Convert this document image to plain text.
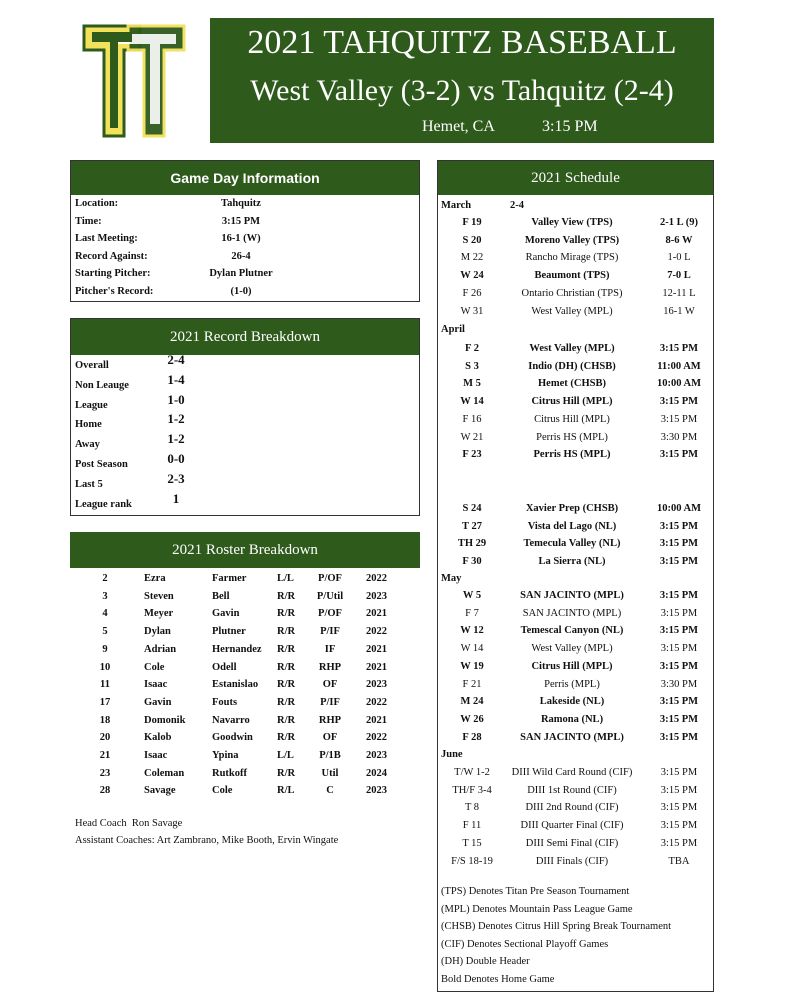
2021 TAHQUITZ BASEBALL
West Valley (3-2) vs Tahquitz (2-4)
Hemet, CA	3:15 PM
Game Day Information
Location:	Tahquitz
Time:	3:15 PM
Last Meeting:	16-1 (W)
Record Against:	26-4
Starting Pitcher:	Dylan Plutner
Pitcher's Record:	(1-0)
2021 Record Breakdown
Overall	2-4
Non Leauge	1-4
League	1-0
Home	1-2
Away	1-2
Post Season	0-0
Last 5	2-3
League rank	1
2021 Roster Breakdown
2	Ezra	Farmer	L/L	P/OF	2022
3	Steven	Bell	R/R	P/Util	2023
4	Meyer	Gavin	R/R	P/OF	2021
5	Dylan	Plutner	R/R	P/IF	2022
9	Adrian	Hernandez R/R	IF	2021
10	Cole	Odell	R/R	RHP	2021
11	Isaac	Estanislao R/R	OF	2023
17	Gavin	Fouts	R/R	P/IF	2022
18	Domonik	Navarro	R/R	RHP	2021
20	Kalob	Goodwin R/R	OF	2022
21	Isaac	Ypina	L/L	P/1B	2023
23	Coleman	Rutkoff	R/R	Util	2024
28	Savage	Cole	R/L	C	2023
Head Coach  Ron Savage
Assistant Coaches: Art Zambrano, Mike Booth, Ervin Wingate
2021 Schedule
March	2-4
F 19	Valley View (TPS)	2-1 L (9)
S 20	Moreno Valley (TPS)	8-6 W
M 22	Rancho Mirage (TPS)	1-0 L
W 24	Beaumont (TPS)	7-0 L
F 26	Ontario Christian (TPS)	12-11 L
W 31	West Valley (MPL)	16-1 W
April
F 2	West Valley (MPL)	3:15 PM
S 3	Indio (DH) (CHSB)	11:00 AM
M 5	Hemet (CHSB)	10:00 AM
W 14	Citrus Hill (MPL)	3:15 PM
F 16	Citrus Hill (MPL)	3:15 PM
W 21	Perris HS (MPL)	3:30 PM
F 23	Perris HS (MPL)	3:15 PM
S 24	Xavier Prep (CHSB)	10:00 AM
T 27	Vista del Lago (NL)	3:15 PM
TH 29	Temecula Valley (NL)	3:15 PM
F 30	La Sierra (NL)	3:15 PM
May
W 5	SAN JACINTO (MPL)	3:15 PM
F 7	SAN JACINTO (MPL)	3:15 PM
W 12	Temescal Canyon (NL)	3:15 PM
W 14	West Valley (MPL)	3:15 PM
W 19	Citrus Hill (MPL)	3:15 PM
F 21	Perris (MPL)	3:30 PM
M 24	Lakeside (NL)	3:15 PM
W 26	Ramona (NL)	3:15 PM
F 28	SAN JACINTO (MPL)	3:15 PM
June
T/W 1-2	DIII Wild Card Round (CIF)	3:15 PM
TH/F 3-4	DIII 1st Round (CIF)	3:15 PM
T 8	DIII 2nd Round (CIF)	3:15 PM
F 11	DIII Quarter Final (CIF)	3:15 PM
T 15	DIII Semi Final (CIF)	3:15 PM
F/S 18-19	DIII Finals (CIF)	TBA
(TPS) Denotes Titan Pre Season Tournament
(MPL) Denotes Mountain Pass League Game
(CHSB) Denotes Citrus Hill Spring Break Tournament
(CIF) Denotes Sectional Playoff Games
(DH) Double Header
Bold Denotes Home Game
